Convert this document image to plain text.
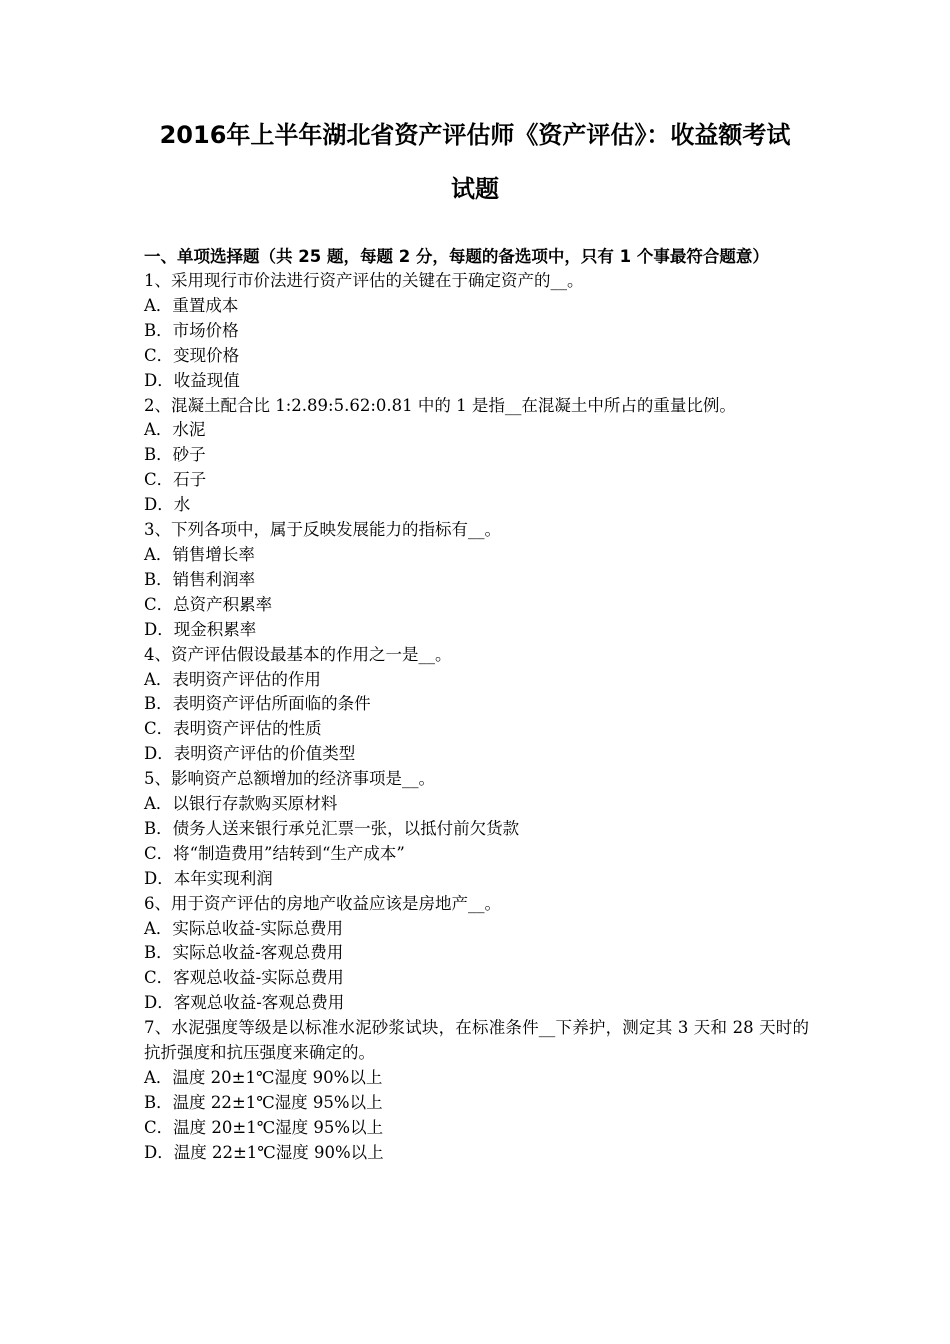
2016年上半年湖北省资产评估师《资产评估》：收益额考试
试题

一、单项选择题（共 25 题，每题 2 分，每题的备选项中，只有 1 个事最符合题意）

1、采用现行市价法进行资产评估的关键在于确定资产的__。

A．重置成本

B．市场价格

C．变现价格

D．收益现值

2、混凝土配合比 1:2.89:5.62:0.81 中的 1 是指__在混凝土中所占的重量比例。

A．水泥

B．砂子

C．石子

D．水

3、下列各项中，属于反映发展能力的指标有__。

A．销售增长率

B．销售利润率

C．总资产积累率

D．现金积累率

4、资产评估假设最基本的作用之一是__。

A．表明资产评估的作用

B．表明资产评估所面临的条件

C．表明资产评估的性质

D．表明资产评估的价值类型

5、影响资产总额增加的经济事项是__。

A．以银行存款购买原材料

B．债务人送来银行承兑汇票一张，以抵付前欠货款

C．将“制造费用”结转到“生产成本”

D．本年实现利润

6、用于资产评估的房地产收益应该是房地产__。

A．实际总收益-实际总费用

B．实际总收益-客观总费用

C．客观总收益-实际总费用

D．客观总收益-客观总费用

7、水泥强度等级是以标准水泥砂浆试块，在标准条件__下养护，测定其 3 天和 28 天时的抗折强度和抗压强度来确定的。

A．温度 20±1℃湿度 90%以上

B．温度 22±1℃湿度 95%以上

C．温度 20±1℃湿度 95%以上

D．温度 22±1℃湿度 90%以上
